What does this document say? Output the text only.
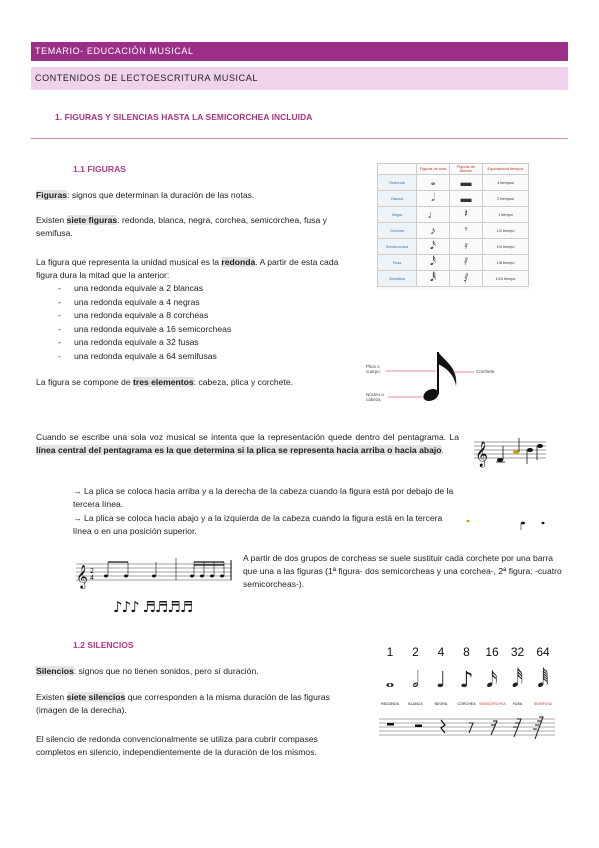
TEMARIO- EDUCACIÓN MUSICAL
CONTENIDOS DE LECTOESCRITURA MUSICAL
1. FIGURAS Y SILENCIAS HASTA LA SEMICORCHEA INCLUIDA
1.1 FIGURAS
Figuras: signos que determinan la duración de las notas.
Existen siete figuras: redonda, blanca, negra, corchea, semicorchea, fusa y semifusa.
La figura que representa la unidad musical es la redonda. A partir de esta cada figura dura la mitad que la anterior:
- una redonda equivale a 2 blancas
- una redonda equivale a 4 negras
- una redonda equivale a 8 corcheas
- una redonda equivale a 16 semicorcheas
- una redonda equivale a 32 fusas
- una redonda equivale a 64 semifusas
La figura se compone de tres elementos: cabeza, plica y corchete.
	Figuras de nota	Figuras de silencio	Equivalencia tiempos
Redonda	𝅝	▬	4 tiempos
Blanca	𝅗𝅥	▬	2 tiempos
Negra	♩	𝄽	1 tiempo
Corchea	♪	𝄾	1/2 tiempo
Semicorchea	𝅘𝅥𝅯	𝄿	1/4 tiempo
Fusa	𝅘𝅥𝅰	𝅀	1/8 tiempo
Semifusa	𝅘𝅥𝅱	𝅁	1/16 tiempo
Plica o cuerpo	Corchete
Núcleo o cabeza
Cuando se escribe una sola voz musical se intenta que la representación quede dentro del pentagrama. La línea central del pentagrama es la que determina si la plica se representa hacia arriba o hacia abajo.	𝄞
→ La plica se coloca hacia arriba y a la derecha de la cabeza cuando la figura está por debajo de la tercera línea.
→ La plica se coloca hacia abajo y a la izquierda de la cabeza cuando la figura está en la tercera línea o en una posición superior.
𝄞 2
4
A partir de dos grupos de corcheas se suele sustituir cada corchete por una barra que una a las figuras (1ª figura- dos semicorcheas y una corchea-, 2ª figura: -cuatro semicorcheas-).
♪♪♪ ♬♬♬♬
1.2 SILENCIOS
Silencios: signos que no tienen sonidos, pero sí duración.
Existen siete silencios que corresponden a la misma duración de las figuras (imagen de la derecha).
El silencio de redonda convencionalmente se utiliza para cubrir compases completos en silencio, independientemente de la duración de los mismos.
1	2	4	8	16 32 64
𝅝 𝅗𝅥 ♩ ♪ 𝅘𝅥𝅯 𝅘𝅥𝅰 𝅘𝅥𝅱
REDONDA	BLANCA	NEGRA	CORCHEA SEMICORCHEA	FUSA	SEMIFUSA
